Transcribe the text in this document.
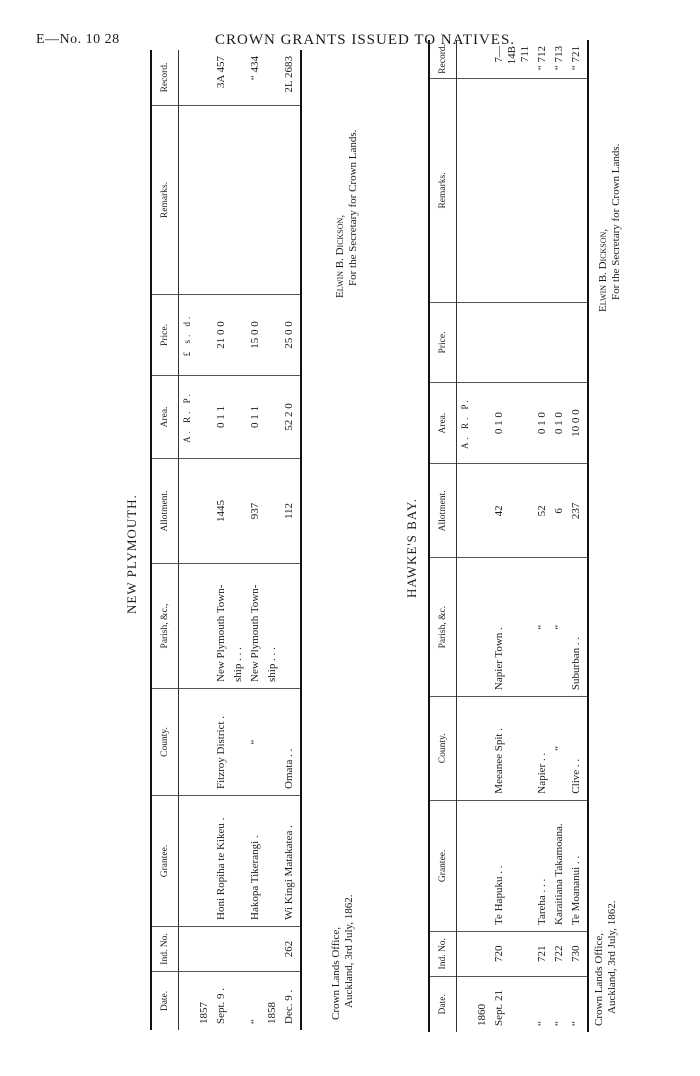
E—No. 10 28	CROWN GRANTS ISSUED TO NATIVES.
NEW PLYMOUTH.
Date.	Ind. No.	Grantee.	County.	Parish, &c.,	Allotment.	Area.	Price.	Remarks.	Record.
						A. R. P.	£ s. d.		
1857									
Sept. 9 .		Honi Ropiha te Kikeu .	Fitzroy District .	New Plymouth Town-	1445	0 1 1	21 0 0		3A 457
				ship . . .					
“		Hakopa Tikerangi .	“	New Plymouth Town-	937	0 1 1	15 0 0		“ 434
1858				ship . . .					
Dec. 9 .	262	Wi Kingi Matakatea .	Omata . .		112	52 2 0	25 0 0		2L 2683
Crown Lands Office, Auckland, 3rd July, 1862.
Elwin B. Dickson, For the Secretary for Crown Lands.
HAWKE'S BAY.
Date.	Ind. No.	Grantee.	County.	Parish, &c.	Allotment.	Area.	Price.	Remarks.	Record.
						A. R. P.			
1860									
Sept. 21	720	Te Hapuku . .	Meeanee Spit .	Napier Town .	42	0 1 0			7—14B 711
“	721	Tareha . . .	Napier . .	“	52	0 1 0			“ 712
“	722	Karaitiana Takamoana.	“	“	6	0 1 0			“ 713
“	730	Te Moananui . .	Clive . .	Suburban . .	237	10 0 0			“ 721
Crown Lands Office, Auckland, 3rd July, 1862.
Elwin B. Dickson, For the Secretary for Crown Lands.
